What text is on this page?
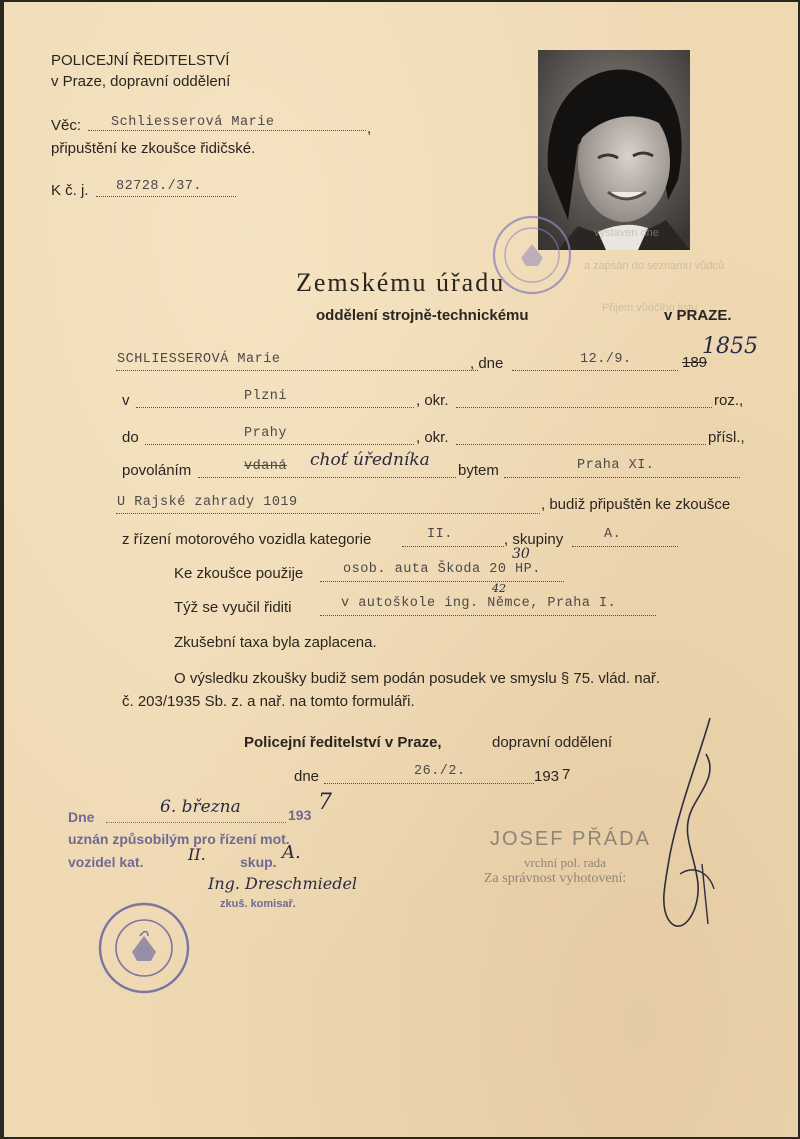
POLICEJNÍ ŘEDITELSTVÍ
v Praze, dopravní oddělení
Věc: Schliesserová Marie	,
připuštění ke zkoušce řidičské.
K č. j. 82728./37.
vystaven dne
a zapsán do seznamu vůdců
Přijem vůdčího listu
Zemskému úřadu
oddělení strojně-technickému	v PRAZE.
SCHLIESSEROVÁ Marie	, dne	12./9.	189
1855
v	Plzni	, okr.	roz.,
do	Prahy	, okr.	přísl.,
povoláním	vdaná choť úředníka
bytem	Praha XI.
U Rajské zahrady 1019	, budiž připuštěn ke zkoušce
z řízení motorového vozidla kategorie	II.	, skupiny	A.
Ke zkoušce použije	osob. auta Škoda 20 HP.
30
42
Týž se vyučil řiditi	v autoškole ing. Němce, Praha I.
Zkušební taxa byla zaplacena.
O výsledku zkoušky budiž sem podán posudek ve smyslu § 75. vlád. nař.
č. 203/1935 Sb. z. a nař. na tomto formuláři.
Policejní ředitelství v Praze,	dopravní oddělení
dne	26./2.	193 7
Dne	6. března	193 7
uznán způsobilým pro řízení mot.
vozidel kat.	II. skup. A.
Ing. Dreschmiedel
zkuš. komisař.
JOSEF PŘÁDA
vrchní pol. rada
Za správnost vyhotovení:
